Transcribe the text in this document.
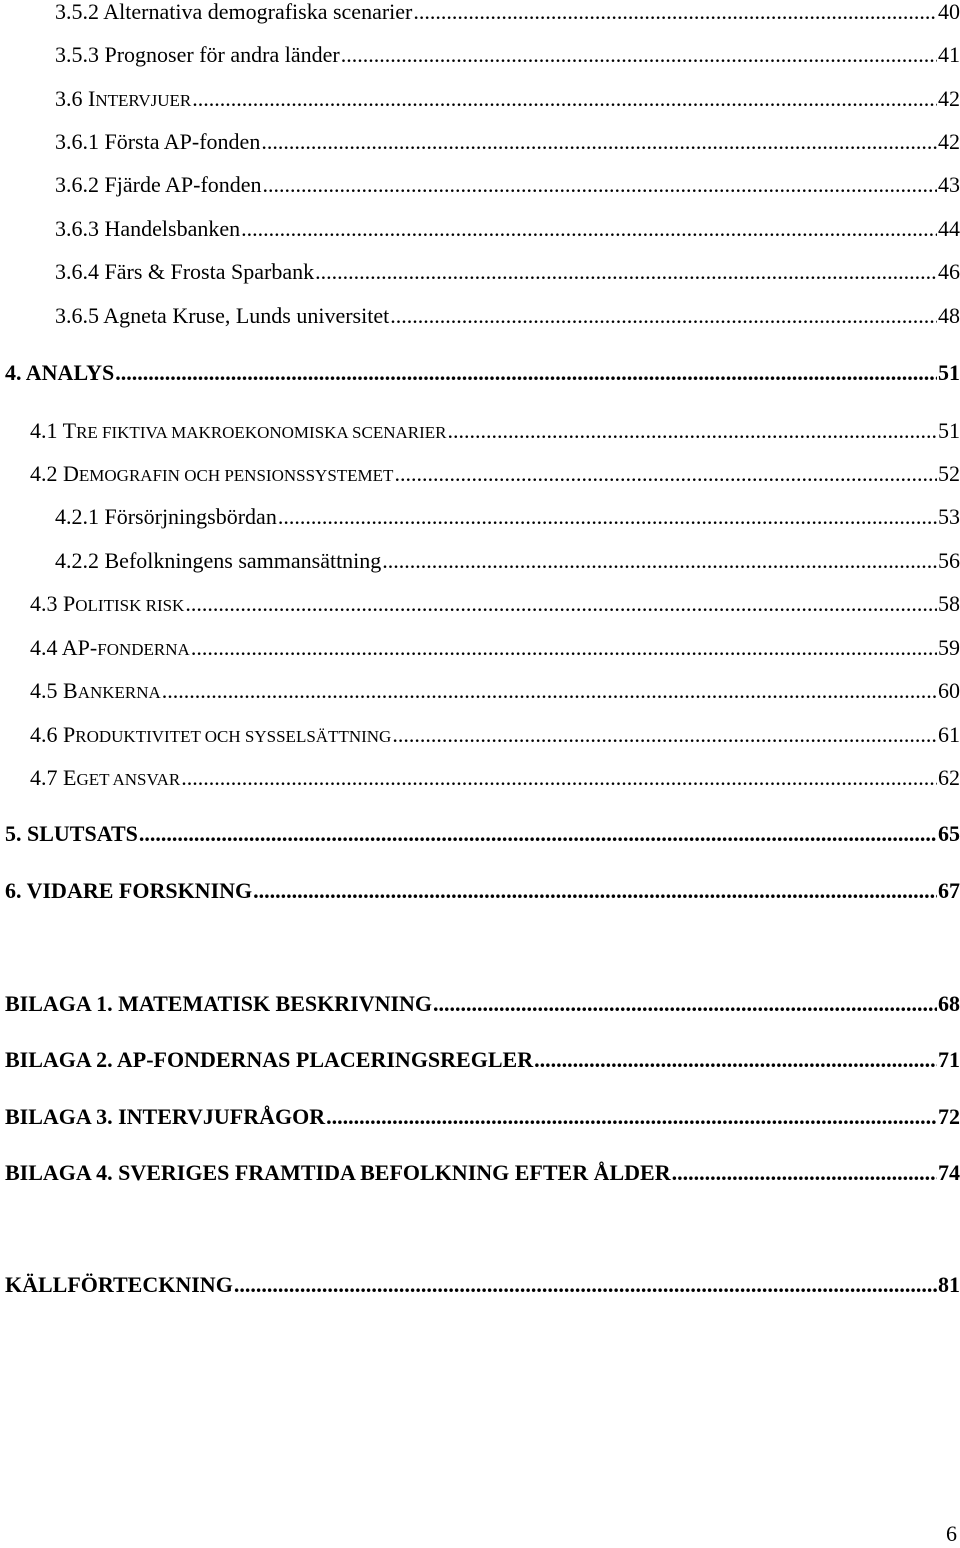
3.5.2 Alternativa demografiska scenarier .....	40
3.5.3 Prognoser för andra länder .....	41
3.6 INTERVJUER .....	42
3.6.1 Första AP-fonden .....	42
3.6.2 Fjärde AP-fonden .....	43
3.6.3 Handelsbanken .....	44
3.6.4 Färs & Frosta Sparbank .....	46
3.6.5 Agneta Kruse, Lunds universitet .....	48
4. ANALYS .....	51
4.1 TRE FIKTIVA MAKROEKONOMISKA SCENARIER .....	51
4.2 DEMOGRAFIN OCH PENSIONSSYSTEMET .....	52
4.2.1 Försörjningsbördan .....	53
4.2.2 Befolkningens sammansättning .....	56
4.3 POLITISK RISK .....	58
4.4 AP-FONDERNA .....	59
4.5 BANKERNA .....	60
4.6 PRODUKTIVITET OCH SYSSELSÄTTNING .....	61
4.7 EGET ANSVAR .....	62
5. SLUTSATS .....	65
6. VIDARE FORSKNING .....	67
BILAGA 1. MATEMATISK BESKRIVNING .....	68
BILAGA 2. AP-FONDERNAS PLACERINGSREGLER .....	71
BILAGA 3. INTERVJUFRÅGOR .....	72
BILAGA 4. SVERIGES FRAMTIDA BEFOLKNING EFTER ÅLDER .....	74
KÄLLFÖRTECKNING .....	81
6
